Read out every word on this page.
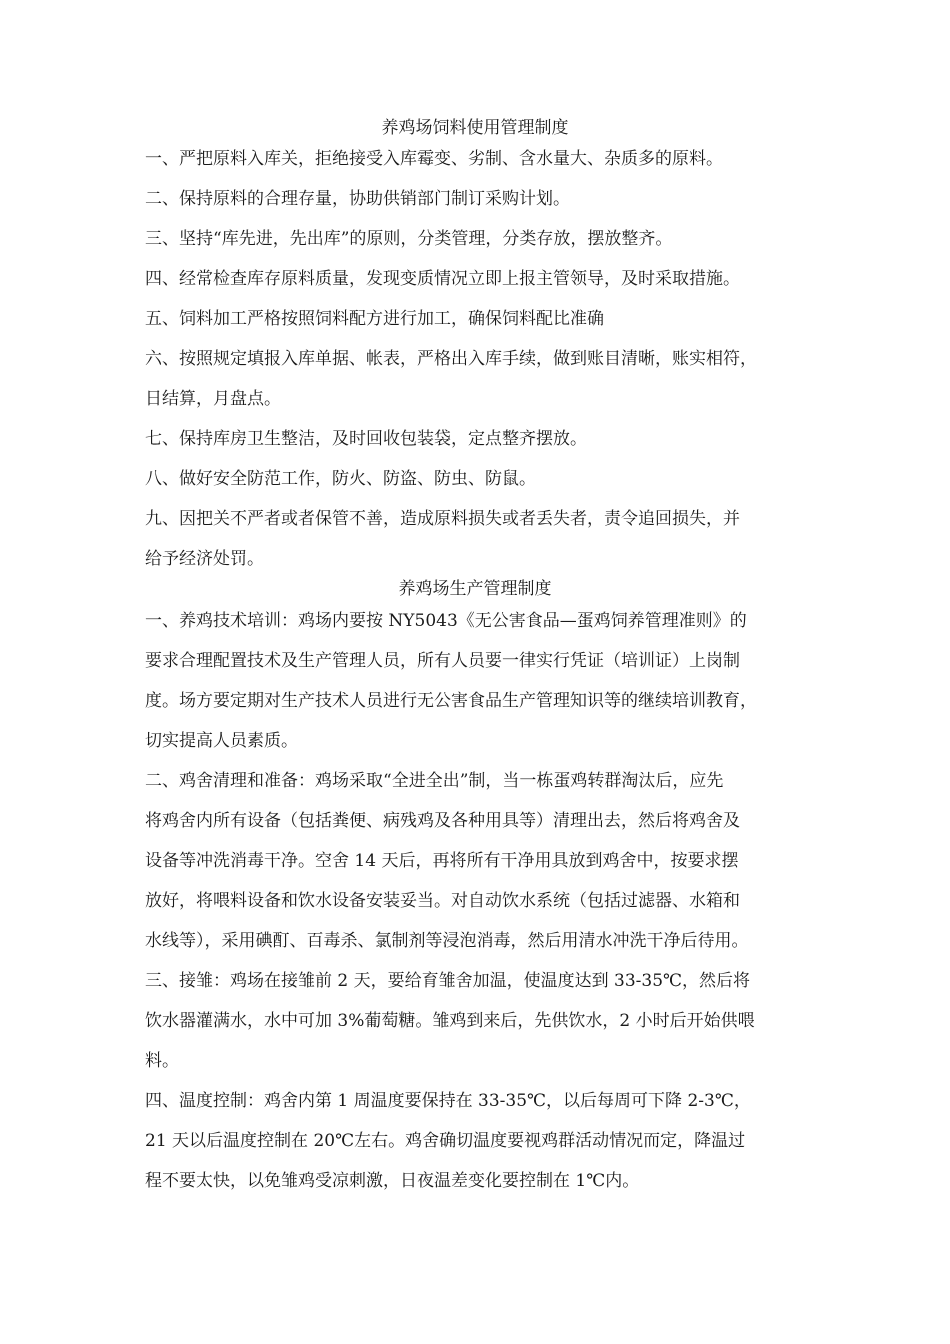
养鸡场饲料使用管理制度
一、严把原料入库关，拒绝接受入库霉变、劣制、含水量大、杂质多的原料。
二、保持原料的合理存量，协助供销部门制订采购计划。
三、坚持“库先进，先出库”的原则，分类管理，分类存放，摆放整齐。
四、经常检查库存原料质量，发现变质情况立即上报主管领导，及时采取措施。
五、饲料加工严格按照饲料配方进行加工，确保饲料配比准确
六、按照规定填报入库单据、帐表，严格出入库手续，做到账目清晰，账实相符，
日结算，月盘点。
七、保持库房卫生整洁，及时回收包装袋，定点整齐摆放。
八、做好安全防范工作，防火、防盗、防虫、防鼠。
九、因把关不严者或者保管不善，造成原料损失或者丢失者，责令追回损失，并
给予经济处罚。
养鸡场生产管理制度
一、养鸡技术培训：鸡场内要按 NY5043《无公害食品—蛋鸡饲养管理准则》的
要求合理配置技术及生产管理人员，所有人员要一律实行凭证（培训证）上岗制
度。场方要定期对生产技术人员进行无公害食品生产管理知识等的继续培训教育，
切实提高人员素质。
二、鸡舍清理和准备：鸡场采取“全进全出”制，当一栋蛋鸡转群淘汰后，应先
将鸡舍内所有设备（包括粪便、病残鸡及各种用具等）清理出去，然后将鸡舍及
设备等冲洗消毒干净。空舍 14 天后，再将所有干净用具放到鸡舍中，按要求摆
放好，将喂料设备和饮水设备安装妥当。对自动饮水系统（包括过滤器、水箱和
水线等），采用碘酊、百毒杀、氯制剂等浸泡消毒，然后用清水冲洗干净后待用。
三、接雏：鸡场在接雏前 2 天，要给育雏舍加温，使温度达到 33-35℃，然后将
饮水器灌满水，水中可加 3%葡萄糖。雏鸡到来后，先供饮水，2 小时后开始供喂
料。
四、温度控制：鸡舍内第 1 周温度要保持在 33-35℃，以后每周可下降 2-3℃，
21 天以后温度控制在 20℃左右。鸡舍确切温度要视鸡群活动情况而定，降温过
程不要太快，以免雏鸡受凉刺激，日夜温差变化要控制在 1℃内。
